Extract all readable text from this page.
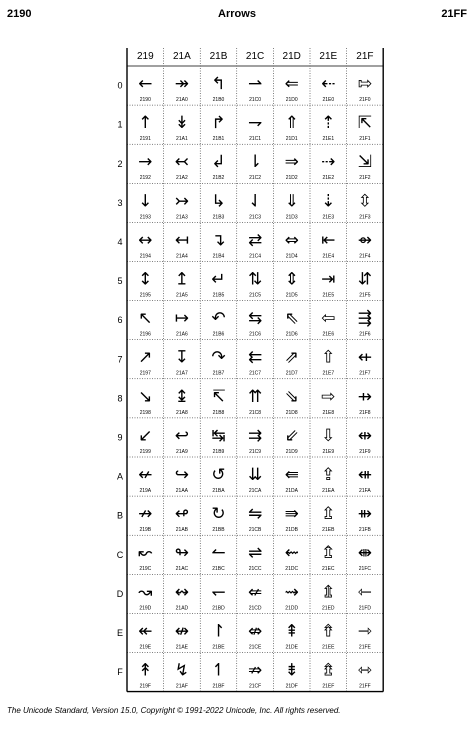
2190	Arrows	21FF
219 21A 21B 21C 21D 21E 21F
0
1
2
3
4
5
6
7
8
9
A
B
C
D
E
F
←
2190
↑
2191
→
2192
↓
2193
↔
2194
↕
2195
↖
2196
↗
2197
↘
2198
↙
2199
↚
219A
↛
219B
↜
219C
↝
219D
↞
219E
↟
219F
↠
21A0
↡
21A1
↢
21A2
↣
21A3
↤
21A4
↥
21A5
↦
21A6
↧
21A7
↨
21A8
↩
21A9
↪
21AA
↫
21AB
↬
21AC
↭
21AD
↮
21AE
↯
21AF
↰
21B0
↱
21B1
↲
21B2
↳
21B3
↴
21B4
↵
21B5
↶
21B6
↷
21B7
↸
21B8
↹
21B9
↺
21BA
↻
21BB
↼
21BC
↽
21BD
↾
21BE
↿
21BF
⇀
21C0
⇁
21C1
⇂
21C2
⇃
21C3
⇄
21C4
⇅
21C5
⇆
21C6
⇇
21C7
⇈
21C8
⇉
21C9
⇊
21CA
⇋
21CB
⇌
21CC
⇍
21CD
⇎
21CE
⇏
21CF
⇐
21D0
⇑
21D1
⇒
21D2
⇓
21D3
⇔
21D4
⇕
21D5
⇖
21D6
⇗
21D7
⇘
21D8
⇙
21D9
⇚
21DA
⇛
21DB
⇜
21DC
⇝
21DD
⇞
21DE
⇟
21DF
⇠
21E0
⇡
21E1
⇢
21E2
⇣
21E3
⇤
21E4
⇥
21E5
⇦
21E6
⇧
21E7
⇨
21E8
⇩
21E9
⇪
21EA
⇫
21EB
⇬
21EC
⇭
21ED
⇮
21EE
⇯
21EF
⇰
21F0
⇱
21F1
⇲
21F2
⇳
21F3
⇴
21F4
⇵
21F5
⇶
21F6
⇷
21F7
⇸
21F8
⇹
21F9
⇺
21FA
⇻
21FB
⇼
21FC
⇽
21FD
⇾
21FE
⇿
21FF
The Unicode Standard, Version 15.0, Copyright © 1991-2022 Unicode, Inc. All rights reserved.
